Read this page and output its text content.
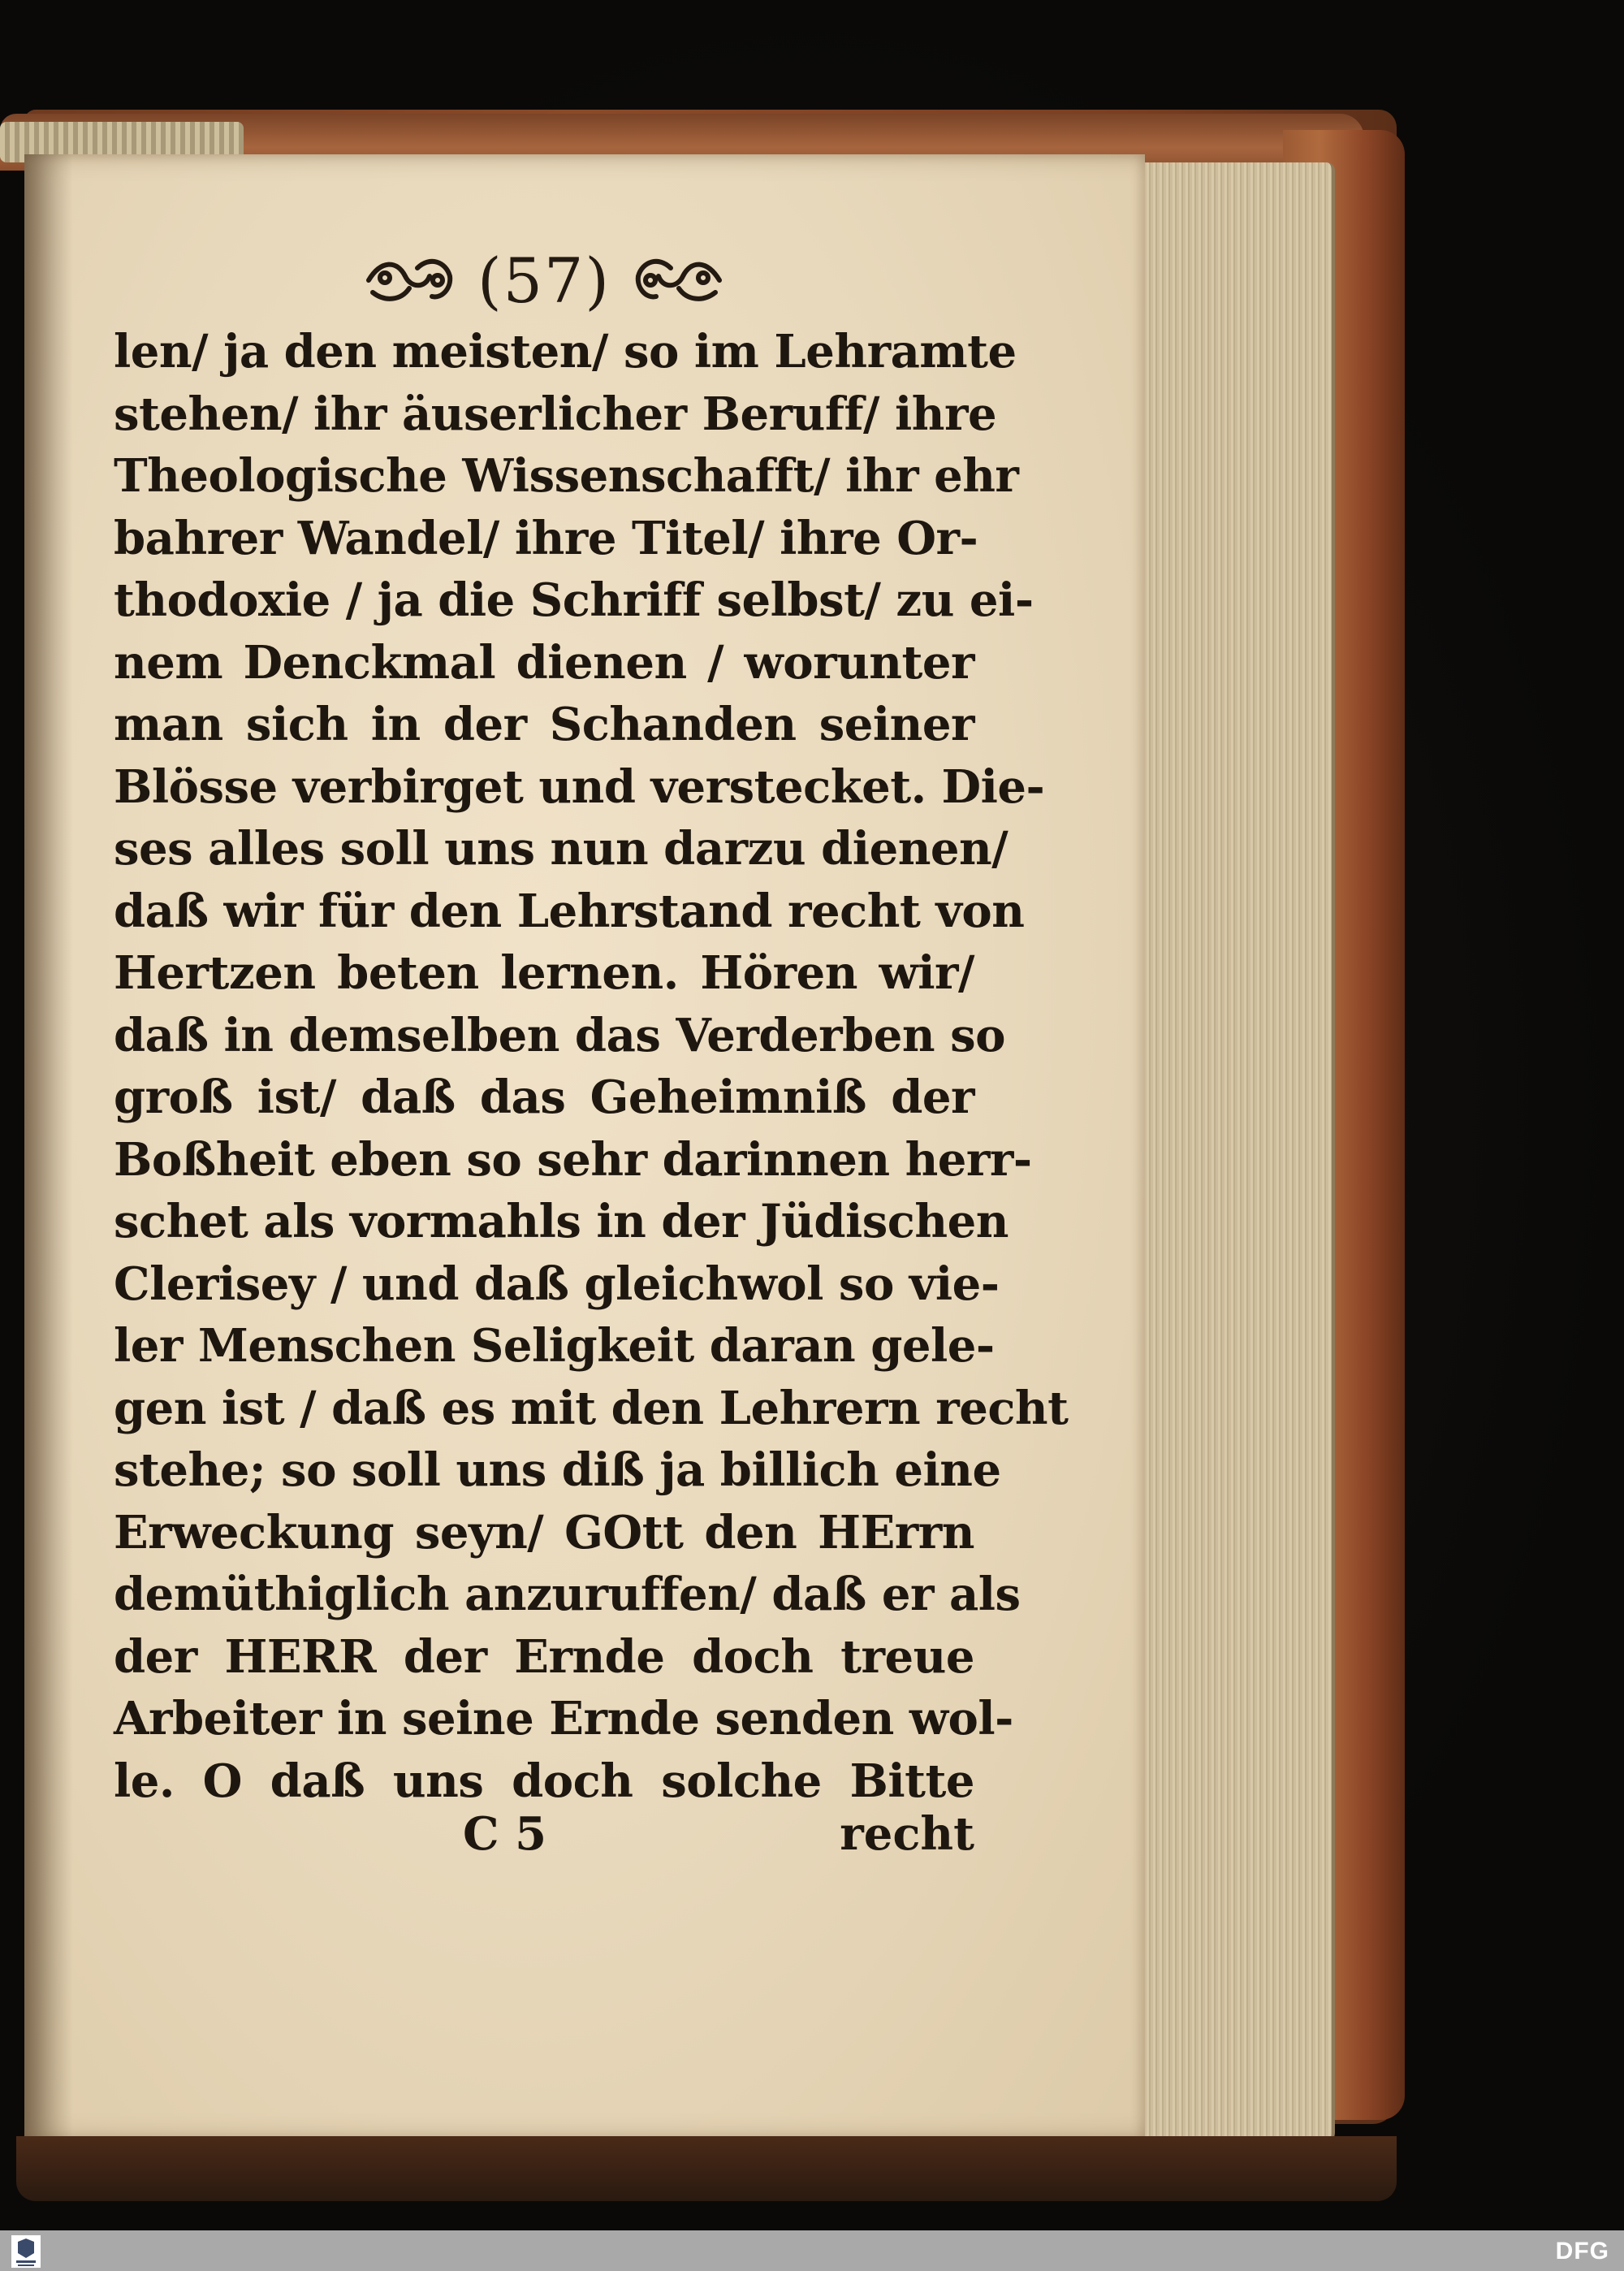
(57)
len/ ja den meisten/ so im Lehramte
stehen/ ihr äuserlicher Beruff/ ihre
Theologische Wissenschafft/ ihr ehr
bahrer Wandel/ ihre Titel/ ihre Or-
thodoxie / ja die Schriff selbst/ zu ei-
nem Denckmal dienen / worunter
man sich in der Schanden seiner
Blösse verbirget und verstecket. Die-
ses alles soll uns nun darzu dienen/
daß wir für den Lehrstand recht von
Hertzen beten lernen. Hören wir/
daß in demselben das Verderben so
groß ist/ daß das Geheimniß der
Boßheit eben so sehr darinnen herr-
schet als vormahls in der Jüdischen
Clerisey / und daß gleichwol so vie-
ler Menschen Seligkeit daran gele-
gen ist / daß es mit den Lehrern recht
stehe; so soll uns diß ja billich eine
Erweckung seyn/ GOtt den HErrn
demüthiglich anzuruffen/ daß er als
der HERR der Ernde doch treue
Arbeiter in seine Ernde senden wol-
le. O daß uns doch solche Bitte
C 5	recht
DFG
